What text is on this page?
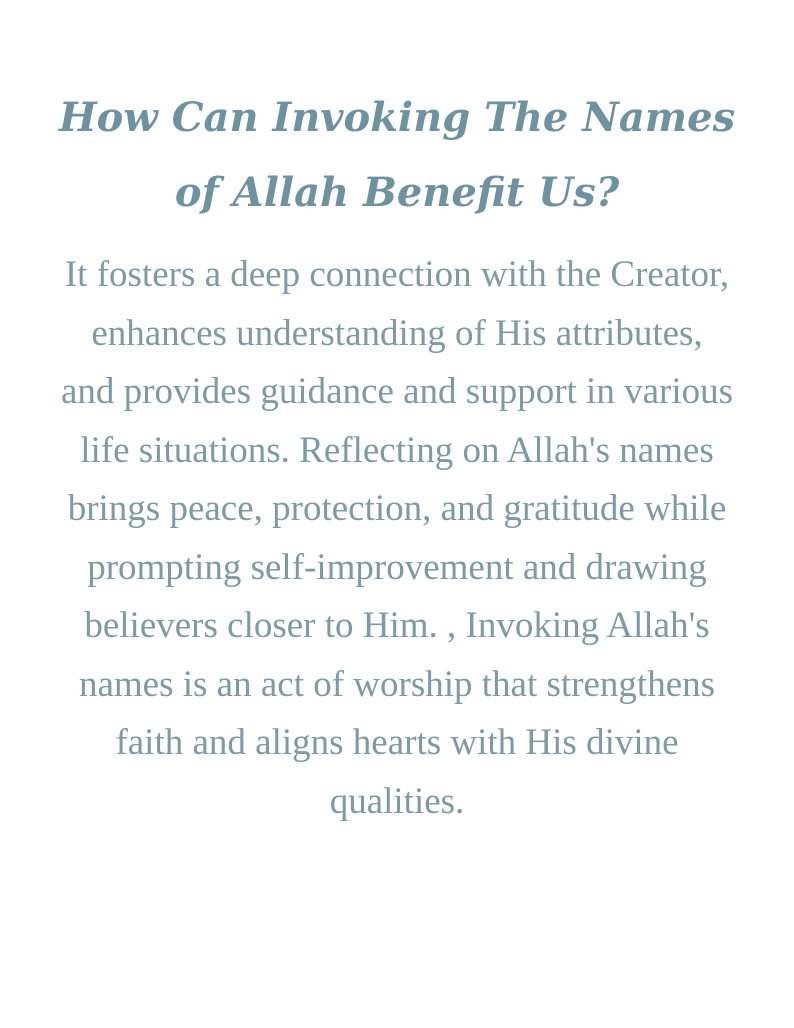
How Can Invoking The Names of Allah Benefit Us?

It fosters a deep connection with the Creator, enhances understanding of His attributes, and provides guidance and support in various life situations. Reflecting on Allah's names brings peace, protection, and gratitude while prompting self-improvement and drawing believers closer to Him. , Invoking Allah's names is an act of worship that strengthens faith and aligns hearts with His divine qualities.
